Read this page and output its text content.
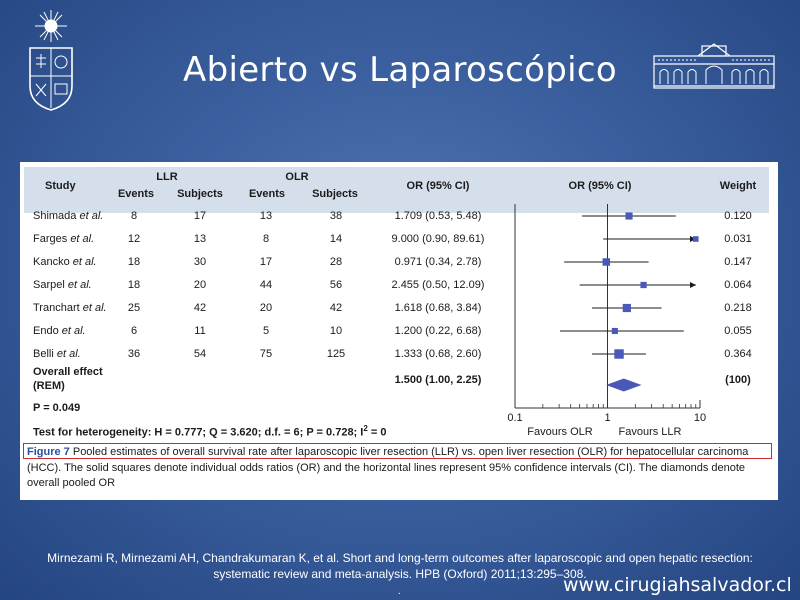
Abierto vs Laparoscópico
Study
LLR	OLR
Events Subjects Events Subjects
OR (95% CI)	OR (95% CI)	Weight
Shimada et al.	8	17	13	38	1.709 (0.53, 5.48)	0.120
Farges et al.	12	13	8	14	9.000 (0.90, 89.61)	0.031
Kancko et al.	18	30	17	28	0.971 (0.34, 2.78)	0.147
Sarpel et al.	18	20	44	56	2.455 (0.50, 12.09)	0.064
Tranchart et al. 25	42	20	42	1.618 (0.68, 3.84)	0.218
Endo et al.	6	11	5	10	1.200 (0.22, 6.68)	0.055
Belli et al.	36	54	75	125	1.333 (0.68, 2.60)	0.364
Overall effect
(REM)	1.500 (1.00, 2.25)	(100)
P = 0.049
Test for heterogeneity: H = 0.777; Q = 3.620; d.f. = 6; P = 0.728; $I^2 = 0$
0.1	1	10
Favours OLR Favours LLR
Figure 7 Pooled estimates of overall survival rate after laparoscopic liver resection (LLR) vs. open liver resection (OLR) for hepatocellular carcinoma (HCC). The solid squares denote individual odds ratios (OR) and the horizontal lines represent 95% confidence intervals (CI). The diamonds denote overall pooled OR
Mirnezami R, Mirnezami AH, Chandrakumaran K, et al. Short and long-term outcomes after laparoscopic and open hepatic resection:
systematic review and meta-analysis. HPB (Oxford) 2011;13:295–308.
.	www.cirugiahsalvador.cl
